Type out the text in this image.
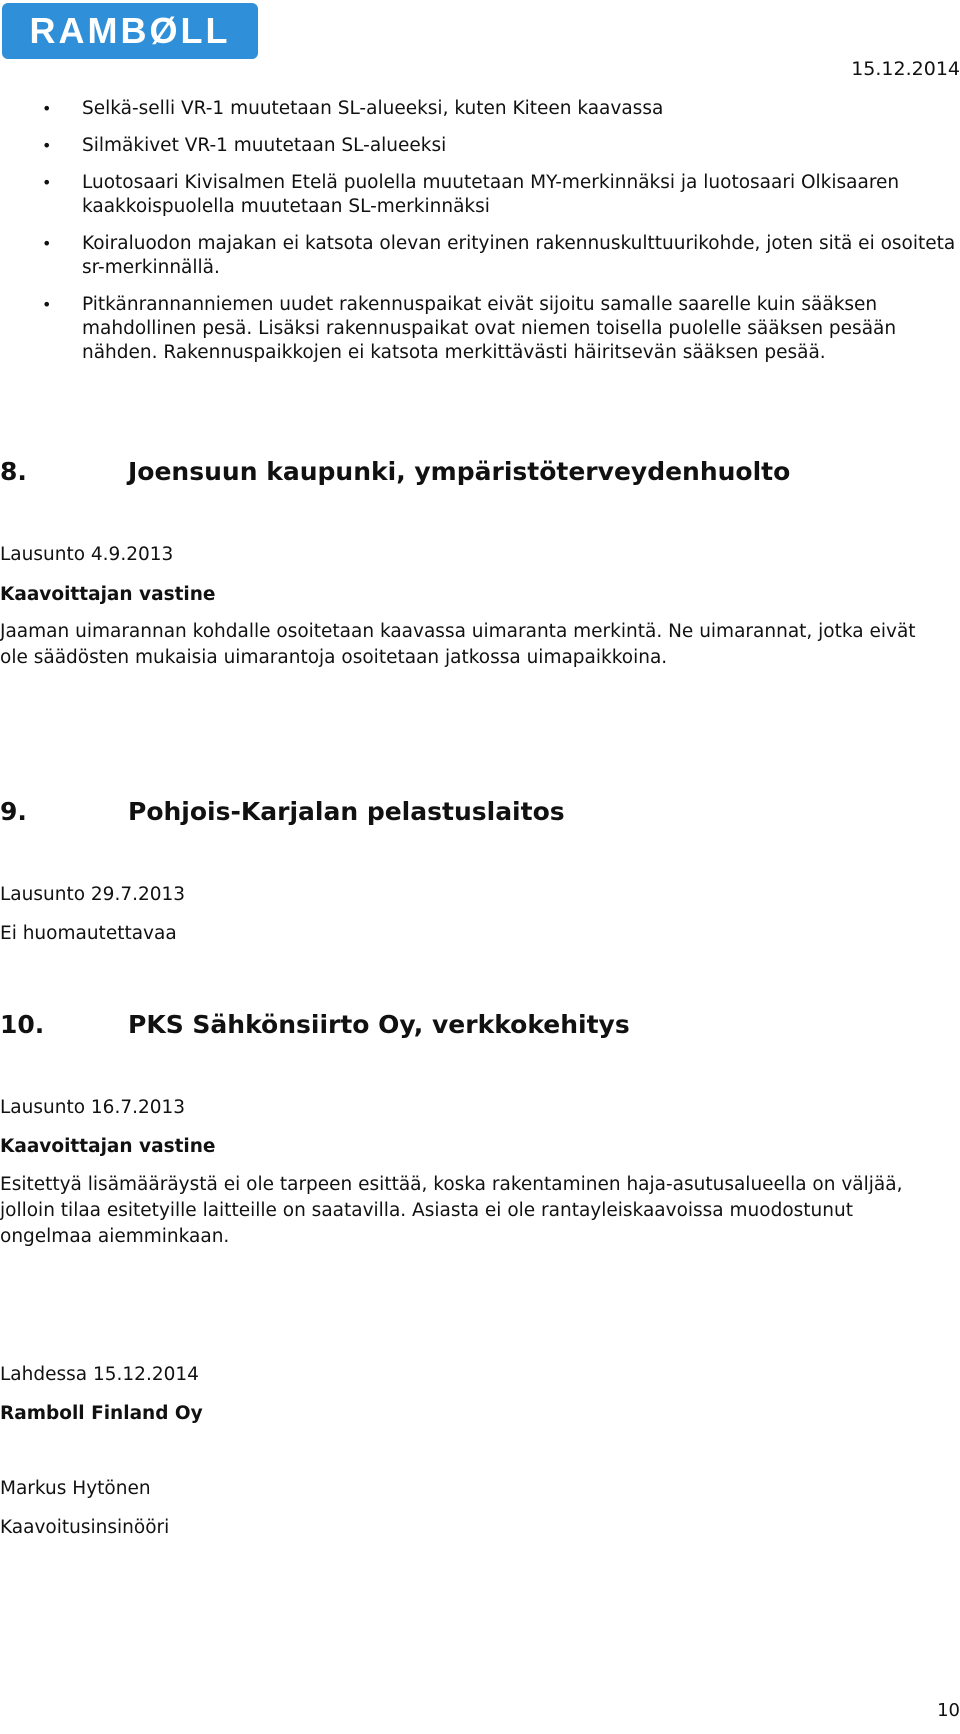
RAMBØLL
15.12.2014
• Selkä-selli VR-1 muutetaan SL-alueeksi, kuten Kiteen kaavassa
• Silmäkivet VR-1 muutetaan SL-alueeksi
• Luotosaari Kivisalmen Etelä puolella muutetaan MY-merkinnäksi ja luotosaari Olkisaaren kaakkoispuolella muutetaan SL-merkinnäksi
• Koiraluodon majakan ei katsota olevan erityinen rakennuskulttuurikohde, joten sitä ei osoiteta sr-merkinnällä.
• Pitkänrannanniemen uudet rakennuspaikat eivät sijoitu samalle saarelle kuin sääksen mahdollinen pesä. Lisäksi rakennuspaikat ovat niemen toisella puolelle sääksen pesään nähden. Rakennuspaikkojen ei katsota merkittävästi häiritsevän sääksen pesää.
8.	Joensuun kaupunki, ympäristöterveydenhuolto
Lausunto 4.9.2013
Kaavoittajan vastine
Jaaman uimarannan kohdalle osoitetaan kaavassa uimaranta merkintä. Ne uimarannat, jotka eivät ole säädösten mukaisia uimarantoja osoitetaan jatkossa uimapaikkoina.
9.	Pohjois-Karjalan pelastuslaitos
Lausunto 29.7.2013
Ei huomautettavaa
10.	PKS Sähkönsiirto Oy, verkkokehitys
Lausunto 16.7.2013
Kaavoittajan vastine
Esitettyä lisämääräystä ei ole tarpeen esittää, koska rakentaminen haja-asutusalueella on väljää, jolloin tilaa esitetyille laitteille on saatavilla. Asiasta ei ole rantayleiskaavoissa muodostunut ongelmaa aiemminkaan.
Lahdessa 15.12.2014
Ramboll Finland Oy
Markus Hytönen
Kaavoitusinsinööri
10
